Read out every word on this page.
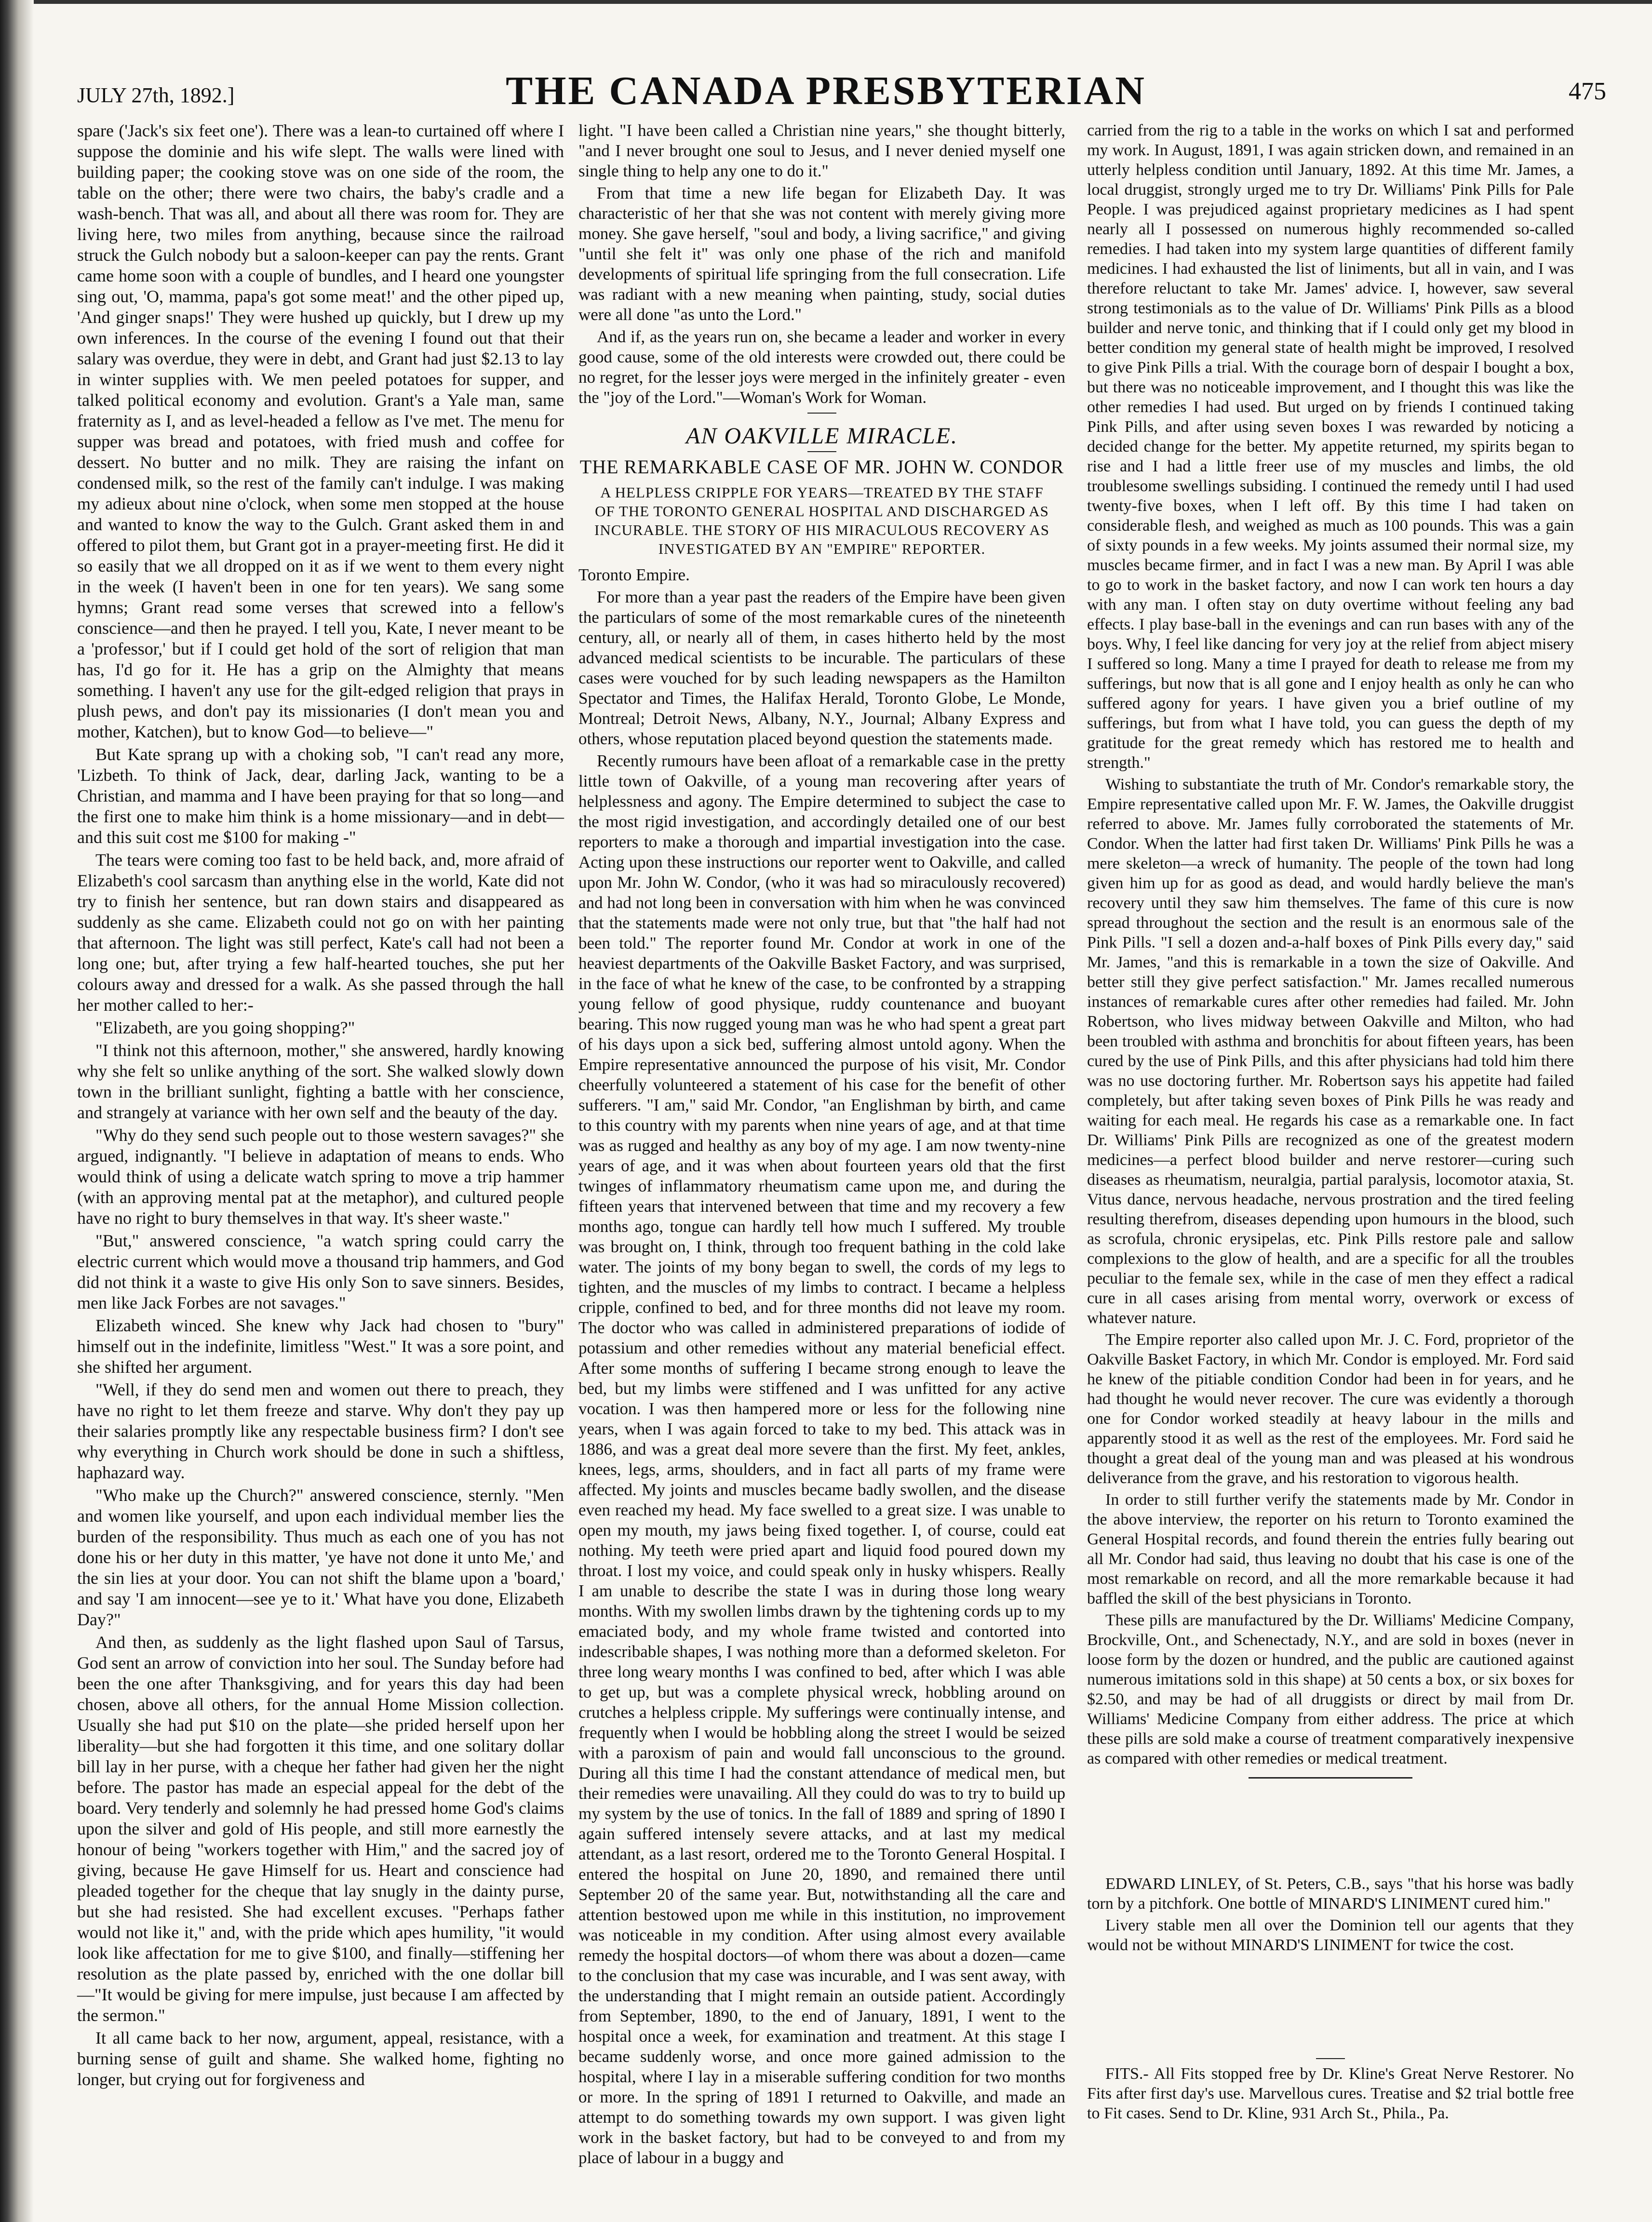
JULY 27th, 1892.]	THE CANADA PRESBYTERIAN	475

spare ('Jack's six feet one'). There was a lean-to curtained off where I suppose the dominie and his wife slept. The walls were lined with building paper; the cooking stove was on one side of the room, the table on the other; there were two chairs, the baby's cradle and a wash-bench. That was all, and about all there was room for. They are living here, two miles from anything, because since the railroad struck the Gulch nobody but a saloon-keeper can pay the rents. Grant came home soon with a couple of bundles, and I heard one youngster sing out, 'O, mamma, papa's got some meat!' and the other piped up, 'And ginger snaps!' They were hushed up quickly, but I drew up my own inferences. In the course of the evening I found out that their salary was overdue, they were in debt, and Grant had just $2.13 to lay in winter supplies with. We men peeled potatoes for supper, and talked political economy and evolution. Grant's a Yale man, same fraternity as I, and as level-headed a fellow as I've met. The menu for supper was bread and potatoes, with fried mush and coffee for dessert. No butter and no milk. They are raising the infant on condensed milk, so the rest of the family can't indulge. I was making my adieux about nine o'clock, when some men stopped at the house and wanted to know the way to the Gulch. Grant asked them in and offered to pilot them, but Grant got in a prayer-meeting first. He did it so easily that we all dropped on it as if we went to them every night in the week (I haven't been in one for ten years). We sang some hymns; Grant read some verses that screwed into a fellow's conscience—and then he prayed. I tell you, Kate, I never meant to be a 'professor,' but if I could get hold of the sort of religion that man has, I'd go for it. He has a grip on the Almighty that means something. I haven't any use for the gilt-edged religion that prays in plush pews, and don't pay its missionaries (I don't mean you and mother, Katchen), but to know God—to believe—"

But Kate sprang up with a choking sob, "I can't read any more, 'Lizbeth. To think of Jack, dear, darling Jack, wanting to be a Christian, and mamma and I have been praying for that so long—and the first one to make him think is a home missionary—and in debt—and this suit cost me $100 for making -"

The tears were coming too fast to be held back, and, more afraid of Elizabeth's cool sarcasm than anything else in the world, Kate did not try to finish her sentence, but ran down stairs and disappeared as suddenly as she came. Elizabeth could not go on with her painting that afternoon. The light was still perfect, Kate's call had not been a long one; but, after trying a few half-hearted touches, she put her colours away and dressed for a walk. As she passed through the hall her mother called to her:-

"Elizabeth, are you going shopping?"

"I think not this afternoon, mother," she answered, hardly knowing why she felt so unlike anything of the sort. She walked slowly down town in the brilliant sunlight, fighting a battle with her conscience, and strangely at variance with her own self and the beauty of the day.

"Why do they send such people out to those western savages?" she argued, indignantly. "I believe in adaptation of means to ends. Who would think of using a delicate watch spring to move a trip hammer (with an approving mental pat at the metaphor), and cultured people have no right to bury themselves in that way. It's sheer waste."

"But," answered conscience, "a watch spring could carry the electric current which would move a thousand trip hammers, and God did not think it a waste to give His only Son to save sinners. Besides, men like Jack Forbes are not savages."

Elizabeth winced. She knew why Jack had chosen to "bury" himself out in the indefinite, limitless "West." It was a sore point, and she shifted her argument.

"Well, if they do send men and women out there to preach, they have no right to let them freeze and starve. Why don't they pay up their salaries promptly like any respectable business firm? I don't see why everything in Church work should be done in such a shiftless, haphazard way.

"Who make up the Church?" answered conscience, sternly. "Men and women like yourself, and upon each individual member lies the burden of the responsibility. Thus much as each one of you has not done his or her duty in this matter, 'ye have not done it unto Me,' and the sin lies at your door. You can not shift the blame upon a 'board,' and say 'I am innocent—see ye to it.' What have you done, Elizabeth Day?"

And then, as suddenly as the light flashed upon Saul of Tarsus, God sent an arrow of conviction into her soul. The Sunday before had been the one after Thanksgiving, and for years this day had been chosen, above all others, for the annual Home Mission collection. Usually she had put $10 on the plate—she prided herself upon her liberality—but she had forgotten it this time, and one solitary dollar bill lay in her purse, with a cheque her father had given her the night before. The pastor has made an especial appeal for the debt of the board. Very tenderly and solemnly he had pressed home God's claims upon the silver and gold of His people, and still more earnestly the honour of being "workers together with Him," and the sacred joy of giving, because He gave Himself for us. Heart and conscience had pleaded together for the cheque that lay snugly in the dainty purse, but she had resisted. She had excellent excuses. "Perhaps father would not like it," and, with the pride which apes humility, "it would look like affectation for me to give $100, and finally—stiffening her resolution as the plate passed by, enriched with the one dollar bill—"It would be giving for mere impulse, just because I am affected by the sermon."

It all came back to her now, argument, appeal, resistance, with a burning sense of guilt and shame. She walked home, fighting no longer, but crying out for forgiveness and

light. "I have been called a Christian nine years," she thought bitterly, "and I never brought one soul to Jesus, and I never denied myself one single thing to help any one to do it."

From that time a new life began for Elizabeth Day. It was characteristic of her that she was not content with merely giving more money. She gave herself, "soul and body, a living sacrifice," and giving "until she felt it" was only one phase of the rich and manifold developments of spiritual life springing from the full consecration. Life was radiant with a new meaning when painting, study, social duties were all done "as unto the Lord."

And if, as the years run on, she became a leader and worker in every good cause, some of the old interests were crowded out, there could be no regret, for the lesser joys were merged in the infinitely greater - even the "joy of the Lord."—Woman's Work for Woman.

AN OAKVILLE MIRACLE.
THE REMARKABLE CASE OF MR. JOHN W. CONDOR
A HELPLESS CRIPPLE FOR YEARS—TREATED BY THE STAFF OF THE TORONTO GENERAL HOSPITAL AND DISCHARGED AS INCURABLE. THE STORY OF HIS MIRACULOUS RECOVERY AS INVESTIGATED BY AN "EMPIRE" REPORTER.

Toronto Empire.

For more than a year past the readers of the Empire have been given the particulars of some of the most remarkable cures of the nineteenth century, all, or nearly all of them, in cases hitherto held by the most advanced medical scientists to be incurable. The particulars of these cases were vouched for by such leading newspapers as the Hamilton Spectator and Times, the Halifax Herald, Toronto Globe, Le Monde, Montreal; Detroit News, Albany, N.Y., Journal; Albany Express and others, whose reputation placed beyond question the statements made.

Recently rumours have been afloat of a remarkable case in the pretty little town of Oakville, of a young man recovering after years of helplessness and agony. The Empire determined to subject the case to the most rigid investigation, and accordingly detailed one of our best reporters to make a thorough and impartial investigation into the case. Acting upon these instructions our reporter went to Oakville, and called upon Mr. John W. Condor, (who it was had so miraculously recovered) and had not long been in conversation with him when he was convinced that the statements made were not only true, but that "the half had not been told." The reporter found Mr. Condor at work in one of the heaviest departments of the Oakville Basket Factory, and was surprised, in the face of what he knew of the case, to be confronted by a strapping young fellow of good physique, ruddy countenance and buoyant bearing. This now rugged young man was he who had spent a great part of his days upon a sick bed, suffering almost untold agony. When the Empire representative announced the purpose of his visit, Mr. Condor cheerfully volunteered a statement of his case for the benefit of other sufferers. "I am," said Mr. Condor, "an Englishman by birth, and came to this country with my parents when nine years of age, and at that time was as rugged and healthy as any boy of my age. I am now twenty-nine years of age, and it was when about fourteen years old that the first twinges of inflammatory rheumatism came upon me, and during the fifteen years that intervened between that time and my recovery a few months ago, tongue can hardly tell how much I suffered. My trouble was brought on, I think, through too frequent bathing in the cold lake water. The joints of my bony began to swell, the cords of my legs to tighten, and the muscles of my limbs to contract. I became a helpless cripple, confined to bed, and for three months did not leave my room. The doctor who was called in administered preparations of iodide of potassium and other remedies without any material beneficial effect. After some months of suffering I became strong enough to leave the bed, but my limbs were stiffened and I was unfitted for any active vocation. I was then hampered more or less for the following nine years, when I was again forced to take to my bed. This attack was in 1886, and was a great deal more severe than the first. My feet, ankles, knees, legs, arms, shoulders, and in fact all parts of my frame were affected. My joints and muscles became badly swollen, and the disease even reached my head. My face swelled to a great size. I was unable to open my mouth, my jaws being fixed together. I, of course, could eat nothing. My teeth were pried apart and liquid food poured down my throat. I lost my voice, and could speak only in husky whispers. Really I am unable to describe the state I was in during those long weary months. With my swollen limbs drawn by the tightening cords up to my emaciated body, and my whole frame twisted and contorted into indescribable shapes, I was nothing more than a deformed skeleton. For three long weary months I was confined to bed, after which I was able to get up, but was a complete physical wreck, hobbling around on crutches a helpless cripple. My sufferings were continually intense, and frequently when I would be hobbling along the street I would be seized with a paroxism of pain and would fall unconscious to the ground. During all this time I had the constant attendance of medical men, but their remedies were unavailing. All they could do was to try to build up my system by the use of tonics. In the fall of 1889 and spring of 1890 I again suffered intensely severe attacks, and at last my medical attendant, as a last resort, ordered me to the Toronto General Hospital. I entered the hospital on June 20, 1890, and remained there until September 20 of the same year. But, notwithstanding all the care and attention bestowed upon me while in this institution, no improvement was noticeable in my condition. After using almost every available remedy the hospital doctors—of whom there was about a dozen—came to the conclusion that my case was incurable, and I was sent away, with the understanding that I might remain an outside patient. Accordingly from September, 1890, to the end of January, 1891, I went to the hospital once a week, for examination and treatment. At this stage I became suddenly worse, and once more gained admission to the hospital, where I lay in a miserable suffering condition for two months or more. In the spring of 1891 I returned to Oakville, and made an attempt to do something towards my own support. I was given light work in the basket factory, but had to be conveyed to and from my place of labour in a buggy and

carried from the rig to a table in the works on which I sat and performed my work. In August, 1891, I was again stricken down, and remained in an utterly helpless condition until January, 1892. At this time Mr. James, a local druggist, strongly urged me to try Dr. Williams' Pink Pills for Pale People. I was prejudiced against proprietary medicines as I had spent nearly all I possessed on numerous highly recommended so-called remedies. I had taken into my system large quantities of different family medicines. I had exhausted the list of liniments, but all in vain, and I was therefore reluctant to take Mr. James' advice. I, however, saw several strong testimonials as to the value of Dr. Williams' Pink Pills as a blood builder and nerve tonic, and thinking that if I could only get my blood in better condition my general state of health might be improved, I resolved to give Pink Pills a trial. With the courage born of despair I bought a box, but there was no noticeable improvement, and I thought this was like the other remedies I had used. But urged on by friends I continued taking Pink Pills, and after using seven boxes I was rewarded by noticing a decided change for the better. My appetite returned, my spirits began to rise and I had a little freer use of my muscles and limbs, the old troublesome swellings subsiding. I continued the remedy until I had used twenty-five boxes, when I left off. By this time I had taken on considerable flesh, and weighed as much as 100 pounds. This was a gain of sixty pounds in a few weeks. My joints assumed their normal size, my muscles became firmer, and in fact I was a new man. By April I was able to go to work in the basket factory, and now I can work ten hours a day with any man. I often stay on duty overtime without feeling any bad effects. I play base-ball in the evenings and can run bases with any of the boys. Why, I feel like dancing for very joy at the relief from abject misery I suffered so long. Many a time I prayed for death to release me from my sufferings, but now that is all gone and I enjoy health as only he can who suffered agony for years. I have given you a brief outline of my sufferings, but from what I have told, you can guess the depth of my gratitude for the great remedy which has restored me to health and strength."

Wishing to substantiate the truth of Mr. Condor's remarkable story, the Empire representative called upon Mr. F. W. James, the Oakville druggist referred to above. Mr. James fully corroborated the statements of Mr. Condor. When the latter had first taken Dr. Williams' Pink Pills he was a mere skeleton—a wreck of humanity. The people of the town had long given him up for as good as dead, and would hardly believe the man's recovery until they saw him themselves. The fame of this cure is now spread throughout the section and the result is an enormous sale of the Pink Pills. "I sell a dozen and-a-half boxes of Pink Pills every day," said Mr. James, "and this is remarkable in a town the size of Oakville. And better still they give perfect satisfaction." Mr. James recalled numerous instances of remarkable cures after other remedies had failed. Mr. John Robertson, who lives midway between Oakville and Milton, who had been troubled with asthma and bronchitis for about fifteen years, has been cured by the use of Pink Pills, and this after physicians had told him there was no use doctoring further. Mr. Robertson says his appetite had failed completely, but after taking seven boxes of Pink Pills he was ready and waiting for each meal. He regards his case as a remarkable one. In fact Dr. Williams' Pink Pills are recognized as one of the greatest modern medicines—a perfect blood builder and nerve restorer—curing such diseases as rheumatism, neuralgia, partial paralysis, locomotor ataxia, St. Vitus dance, nervous headache, nervous prostration and the tired feeling resulting therefrom, diseases depending upon humours in the blood, such as scrofula, chronic erysipelas, etc. Pink Pills restore pale and sallow complexions to the glow of health, and are a specific for all the troubles peculiar to the female sex, while in the case of men they effect a radical cure in all cases arising from mental worry, overwork or excess of whatever nature.

The Empire reporter also called upon Mr. J. C. Ford, proprietor of the Oakville Basket Factory, in which Mr. Condor is employed. Mr. Ford said he knew of the pitiable condition Condor had been in for years, and he had thought he would never recover. The cure was evidently a thorough one for Condor worked steadily at heavy labour in the mills and apparently stood it as well as the rest of the employees. Mr. Ford said he thought a great deal of the young man and was pleased at his wondrous deliverance from the grave, and his restoration to vigorous health.

In order to still further verify the statements made by Mr. Condor in the above interview, the reporter on his return to Toronto examined the General Hospital records, and found therein the entries fully bearing out all Mr. Condor had said, thus leaving no doubt that his case is one of the most remarkable on record, and all the more remarkable because it had baffled the skill of the best physicians in Toronto.

These pills are manufactured by the Dr. Williams' Medicine Company, Brockville, Ont., and Schenectady, N.Y., and are sold in boxes (never in loose form by the dozen or hundred, and the public are cautioned against numerous imitations sold in this shape) at 50 cents a box, or six boxes for $2.50, and may be had of all druggists or direct by mail from Dr. Williams' Medicine Company from either address. The price at which these pills are sold make a course of treatment comparatively inexpensive as compared with other remedies or medical treatment.

EDWARD LINLEY, of St. Peters, C.B., says "that his horse was badly torn by a pitchfork. One bottle of MINARD'S LINIMENT cured him."

Livery stable men all over the Dominion tell our agents that they would not be without MINARD'S LINIMENT for twice the cost.

FITS.- All Fits stopped free by Dr. Kline's Great Nerve Restorer. No Fits after first day's use. Marvellous cures. Treatise and $2 trial bottle free to Fit cases. Send to Dr. Kline, 931 Arch St., Phila., Pa.
